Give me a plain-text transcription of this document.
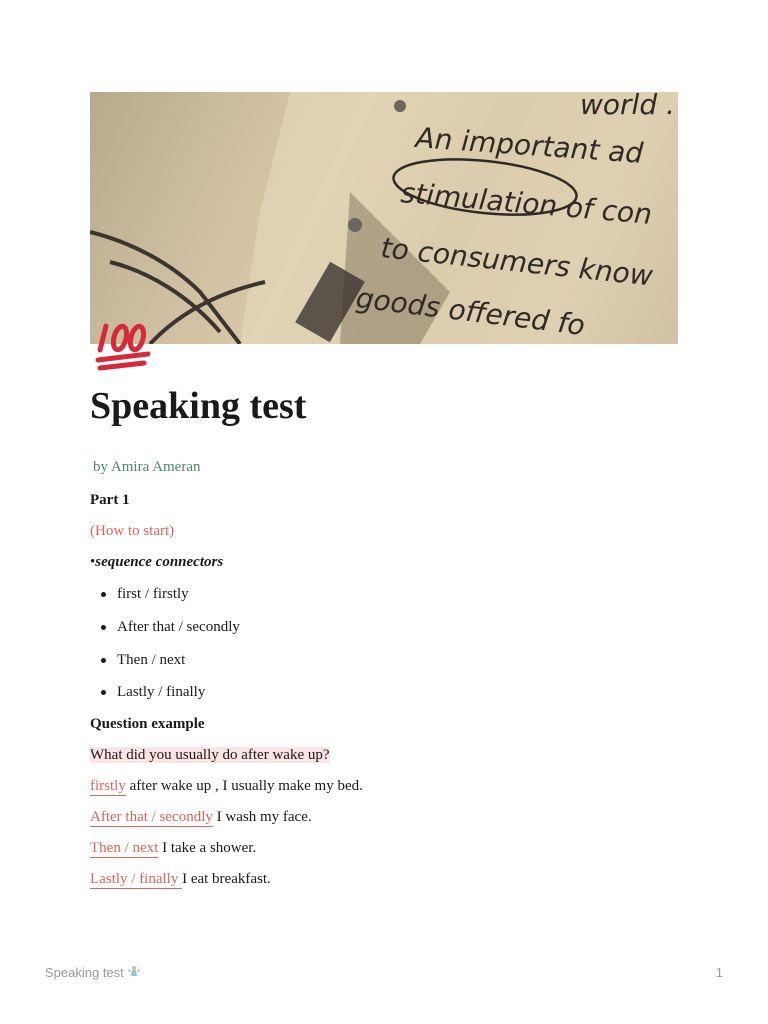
world .
An important ad
stimulation of con
to consumers know
goods offered fo
Speaking test
by Amira Ameran
Part 1
(How to start)
•sequence connectors
first / firstly
After that / secondly
Then / next
Lastly / finally
Question example
What did you usually do after wake up?
firstly after wake up , I usually make my bed.
After that / secondly I wash my face.
Then / next I take a shower.
Lastly / finally I eat breakfast.
Speaking test	1
